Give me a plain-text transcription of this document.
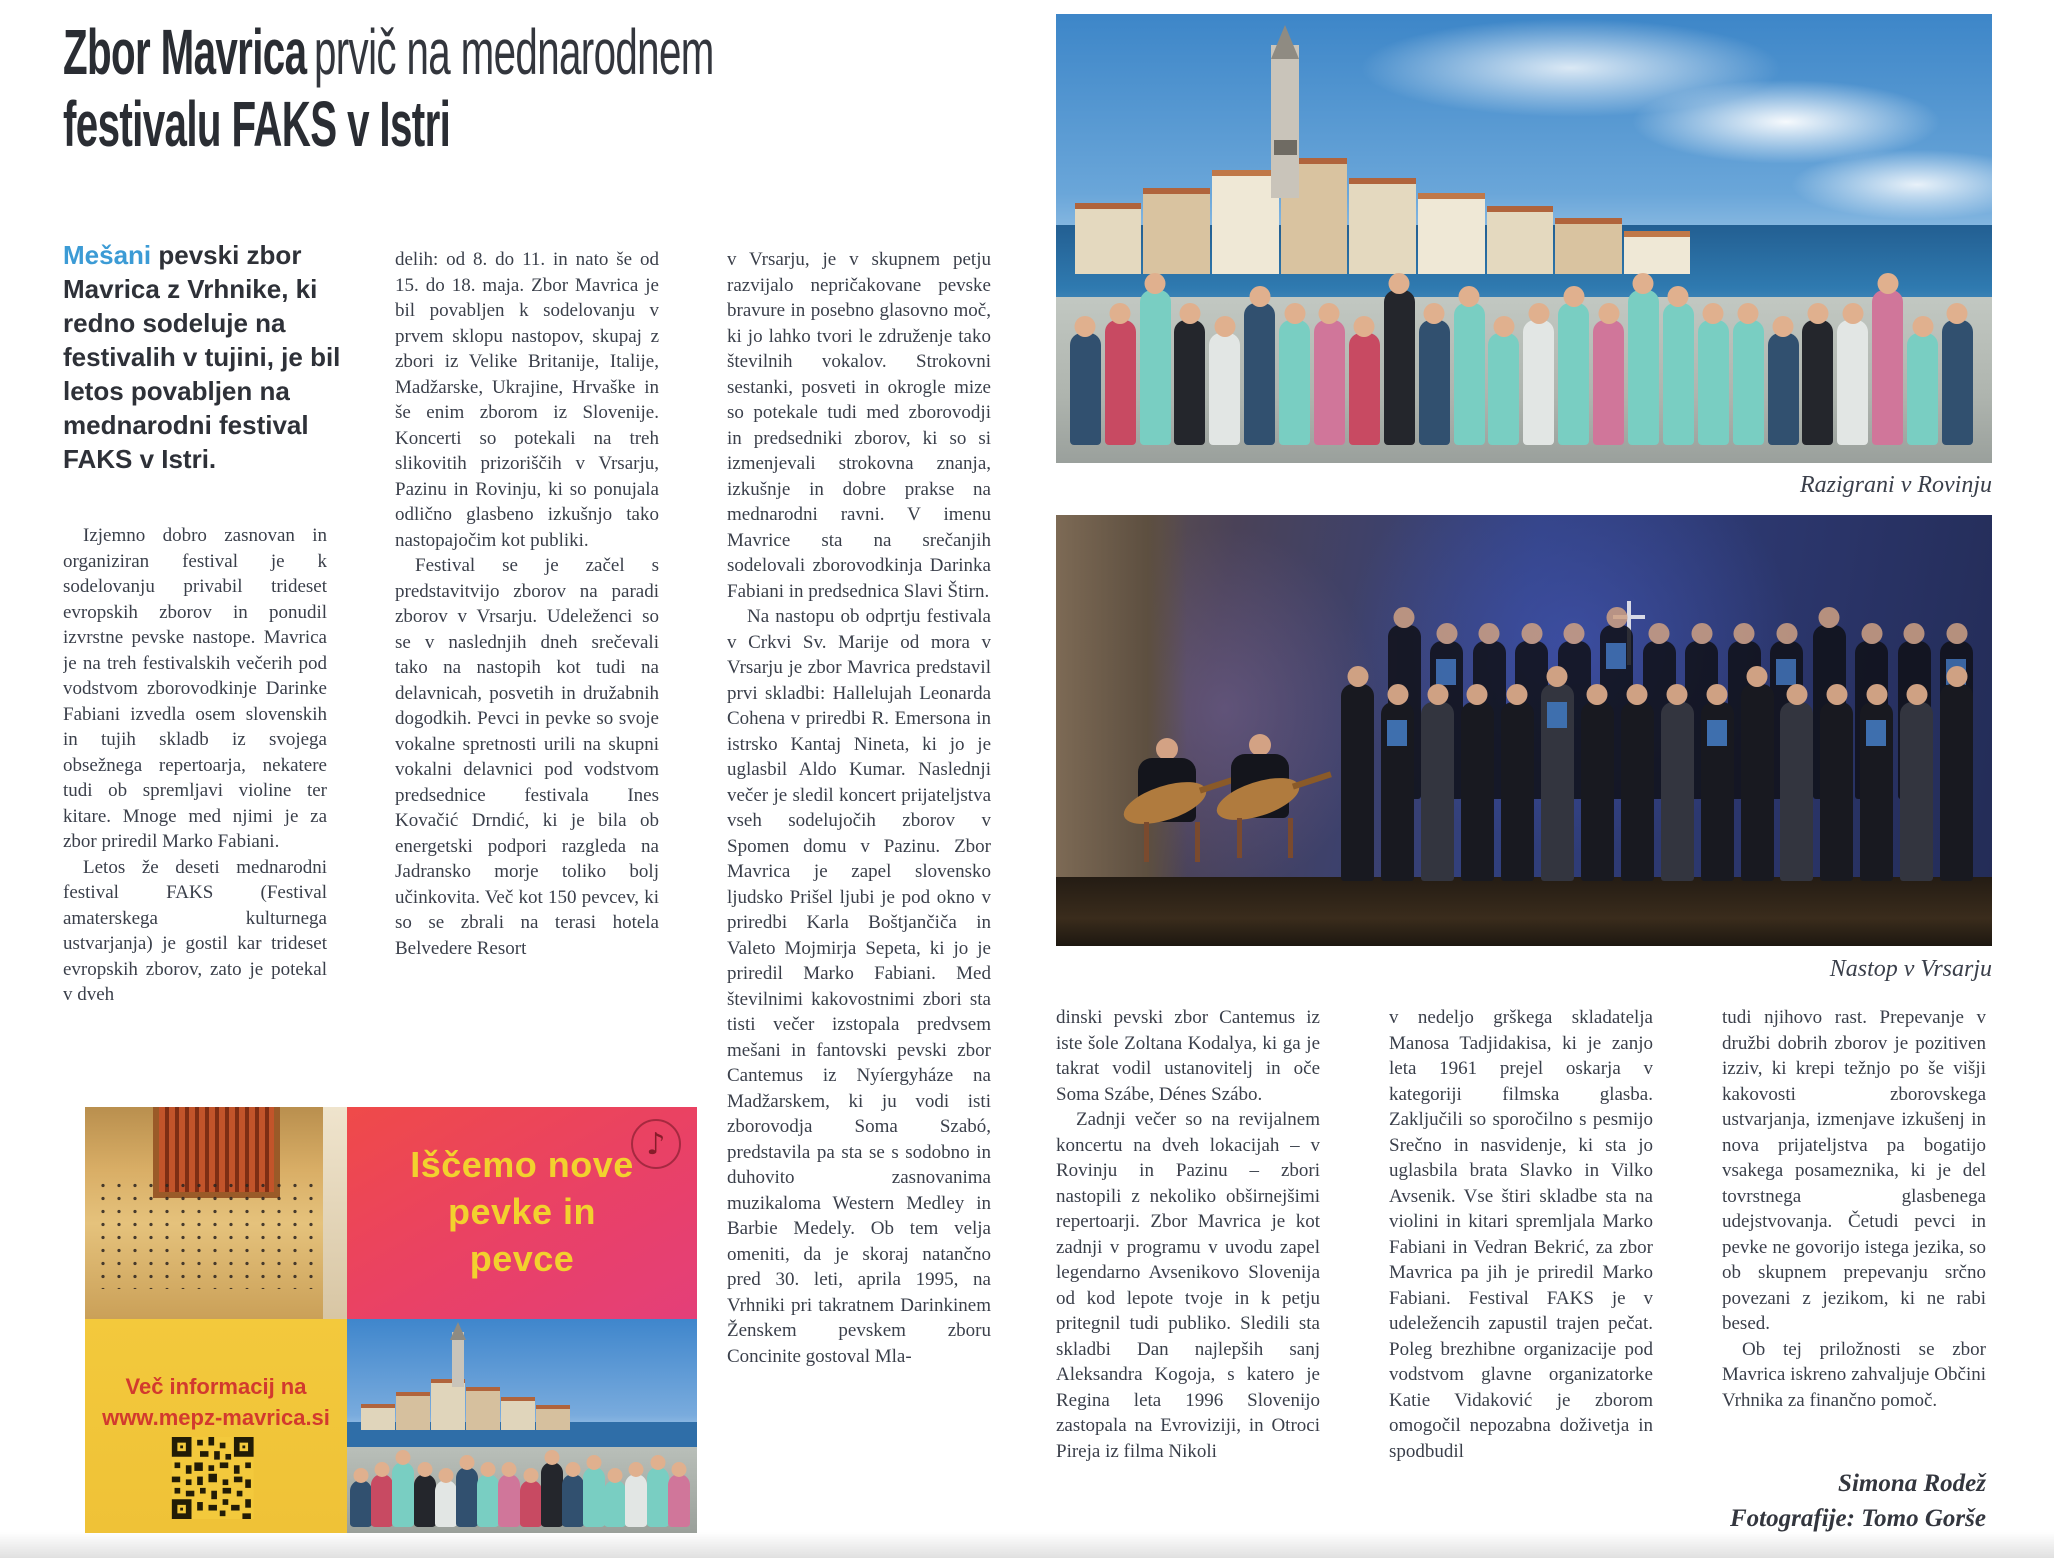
Zbor Mavrica prvič na mednarodnem
festivalu FAKS v Istri

Mešani pevski zbor Mavrica z Vrhnike, ki redno sodeluje na festivalih v tujini, je bil letos povabljen na mednarodni festival FAKS v Istri.

Izjemno dobro zasnovan in organiziran festival je k sodelovanju privabil trideset evropskih zborov in ponudil izvrstne pevske nastope. Mavrica je na treh festivalskih večerih pod vodstvom zborovodkinje Darinke Fabiani izvedla osem slovenskih in tujih skladb iz svojega obsežnega repertoarja, nekatere tudi ob spremljavi violine ter kitare. Mnoge med njimi je za zbor priredil Marko Fabiani.

Letos že deseti mednarodni festival FAKS (Festival amaterskega kulturnega ustvarjanja) je gostil kar trideset evropskih zborov, zato je potekal v dveh

delih: od 8. do 11. in nato še od 15. do 18. maja. Zbor Mavrica je bil povabljen k sodelovanju v prvem sklopu nastopov, skupaj z zbori iz Velike Britanije, Italije, Madžarske, Ukrajine, Hrvaške in še enim zborom iz Slovenije. Koncerti so potekali na treh slikovitih prizoriščih v Vrsarju, Pazinu in Rovinju, ki so ponujala odlično glasbeno izkušnjo tako nastopajočim kot publiki.

Festival se je začel s predstavitvijo zborov na paradi zborov v Vrsarju. Udeleženci so se v naslednjih dneh srečevali tako na nastopih kot tudi na delavnicah, posvetih in družabnih dogodkih. Pevci in pevke so svoje vokalne spretnosti urili na skupni vokalni delavnici pod vodstvom predsednice festivala Ines Kovačić Drndić, ki je bila ob energetski podpori razgleda na Jadransko morje toliko bolj učinkovita. Več kot 150 pevcev, ki so se zbrali na terasi hotela Belvedere Resort

v Vrsarju, je v skupnem petju razvijalo nepričakovane pevske bravure in posebno glasovno moč, ki jo lahko tvori le združenje tako številnih vokalov. Strokovni sestanki, posveti in okrogle mize so potekale tudi med zborovodji in predsedniki zborov, ki so si izmenjevali strokovna znanja, izkušnje in dobre prakse na mednarodni ravni. V imenu Mavrice sta na srečanjih sodelovali zborovodkinja Darinka Fabiani in predsednica Slavi Štirn.

Na nastopu ob odprtju festivala v Crkvi Sv. Marije od mora v Vrsarju je zbor Mavrica predstavil prvi skladbi: Hallelujah Leonarda Cohena v priredbi R. Emersona in istrsko Kantaj Nineta, ki jo je uglasbil Aldo Kumar. Naslednji večer je sledil koncert prijateljstva vseh sodelujočih zborov v Spomen domu v Pazinu. Zbor Mavrica je zapel slovensko ljudsko Prišel ljubi je pod okno v priredbi Karla Boštjančiča in Valeto Mojmirja Sepeta, ki jo je priredil Marko Fabiani. Med številnimi kakovostnimi zbori sta tisti večer izstopala predvsem mešani in fantovski pevski zbor Cantemus iz Nyíergyháze na Madžarskem, ki ju vodi isti zborovodja Soma Szabó, predstavila pa sta se s sodobno in duhovito zasnovanima muzikaloma Western Medley in Barbie Medely. Ob tem velja omeniti, da je skoraj natančno pred 30. leti, aprila 1995, na Vrhniki pri takratnem Darinkinem Ženskem pevskem zboru Concinite gostoval Mla-

dinski pevski zbor Cantemus iz iste šole Zoltana Kodalya, ki ga je takrat vodil ustanovitelj in oče Soma Szábe, Dénes Szábo.

Zadnji večer so na revijalnem koncertu na dveh lokacijah – v Rovinju in Pazinu – zbori nastopili z nekoliko obširnejšimi repertoarji. Zbor Mavrica je kot zadnji v programu v uvodu zapel legendarno Avsenikovo Slovenija od kod lepote tvoje in k petju pritegnil tudi publiko. Sledili sta skladbi Dan najlepših sanj Aleksandra Kogoja, s katero je Regina leta 1996 Slovenijo zastopala na Evroviziji, in Otroci Pireja iz filma Nikoli

v nedeljo grškega skladatelja Manosa Tadjidakisa, ki je zanjo leta 1961 prejel oskarja v kategoriji filmska glasba. Zaključili so sporočilno s pesmijo Srečno in nasvidenje, ki sta jo uglasbila brata Slavko in Vilko Avsenik. Vse štiri skladbe sta na violini in kitari spremljala Marko Fabiani in Vedran Bekrić, za zbor Mavrica pa jih je priredil Marko Fabiani. Festival FAKS je v udeležencih zapustil trajen pečat. Poleg brezhibne organizacije pod vodstvom glavne organizatorke Katie Vidaković je zborom omogočil nepozabna doživetja in spodbudil

tudi njihovo rast. Prepevanje v družbi dobrih zborov je pozitiven izziv, ki krepi težnjo po še višji kakovosti zborovskega ustvarjanja, izmenjave izkušenj in nova prijateljstva pa bogatijo vsakega posameznika, ki je del tovrstnega glasbenega udejstvovanja. Četudi pevci in pevke ne govorijo istega jezika, so ob skupnem prepevanju srčno povezani z jezikom, ki ne rabi besed.

Ob tej priložnosti se zbor Mavrica iskreno zahvaljuje Občini Vrhnika za finančno pomoč.

Simona Rodež
Fotografije: Tomo Gorše
Razigrani v Rovinju
Nastop v Vrsarju
♪
Iščemo nove
pevke in
pevce
Več informacij na
www.mepz-mavrica.si
